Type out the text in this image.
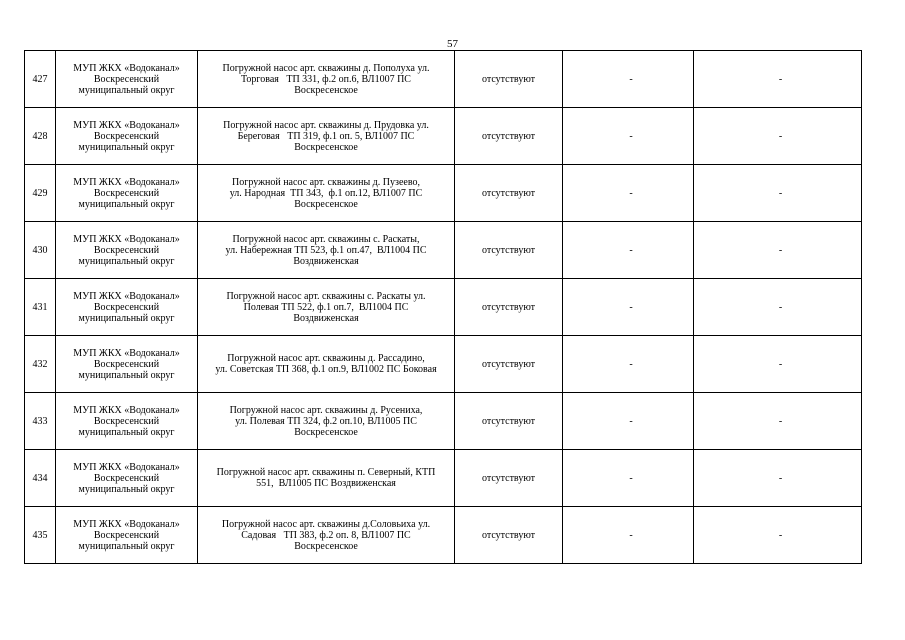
57
427	МУП ЖКХ «Водоканал»
Воскресенский
муниципальный округ	Погружной насос арт. скважины д. Пополуха ул.
Торговая   ТП 331, ф.2 оп.6, ВЛ1007 ПС
Воскресенское	отсутствуют	-	-
428	МУП ЖКХ «Водоканал»
Воскресенский
муниципальный округ	Погружной насос арт. скважины д. Прудовка ул.
Береговая   ТП 319, ф.1 оп. 5, ВЛ1007 ПС
Воскресенское	отсутствуют	-	-
429	МУП ЖКХ «Водоканал»
Воскресенский
муниципальный округ	Погружной насос арт. скважины д. Пузеево,
ул. Народная  ТП 343,  ф.1 оп.12, ВЛ1007 ПС
Воскресенское	отсутствуют	-	-
430	МУП ЖКХ «Водоканал»
Воскресенский
муниципальный округ	Погружной насос арт. скважины с. Раскаты,
ул. Набережная ТП 523, ф.1 оп.47,  ВЛ1004 ПС
Воздвиженская	отсутствуют	-	-
431	МУП ЖКХ «Водоканал»
Воскресенский
муниципальный округ	Погружной насос арт. скважины с. Раскаты ул.
Полевая ТП 522, ф.1 оп.7,  ВЛ1004 ПС
Воздвиженская	отсутствуют	-	-
432	МУП ЖКХ «Водоканал»
Воскресенский
муниципальный округ	Погружной насос арт. скважины д. Рассадино,
ул. Советская ТП 368, ф.1 оп.9, ВЛ1002 ПС Боковая	отсутствуют	-	-
433	МУП ЖКХ «Водоканал»
Воскресенский
муниципальный округ	Погружной насос арт. скважины д. Русениха,
ул. Полевая ТП 324, ф.2 оп.10, ВЛ1005 ПС
Воскресенское	отсутствуют	-	-
434	МУП ЖКХ «Водоканал»
Воскресенский
муниципальный округ	Погружной насос арт. скважины п. Северный, КТП
551,  ВЛ1005 ПС Воздвиженская	отсутствуют	-	-
435	МУП ЖКХ «Водоканал»
Воскресенский
муниципальный округ	Погружной насос арт. скважины д.Соловьиха ул.
Садовая   ТП 383, ф.2 оп. 8, ВЛ1007 ПС
Воскресенское	отсутствуют	-	-
